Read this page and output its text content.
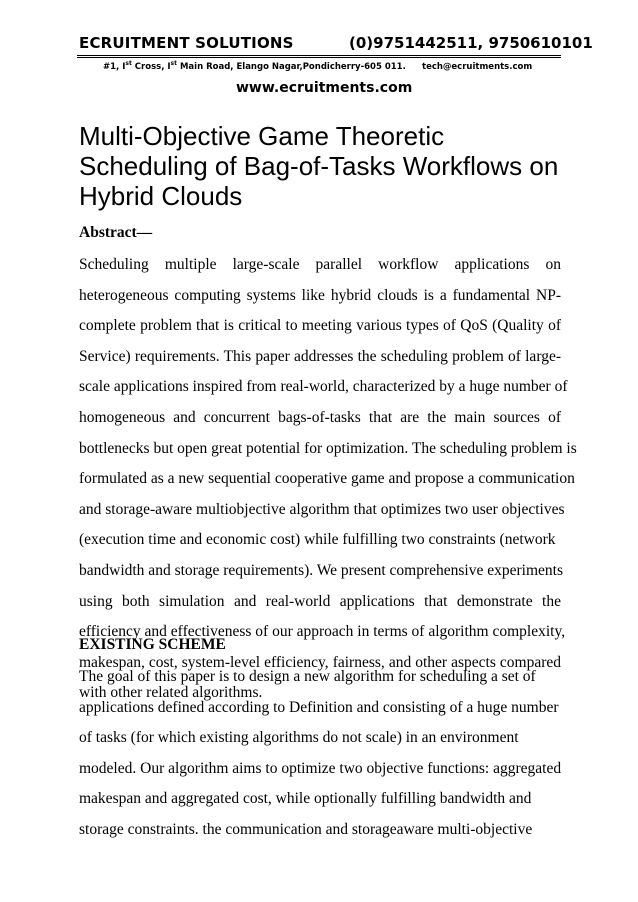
ECRUITMENT SOLUTIONS	(0)9751442511, 9750610101
#1, Ist Cross, Ist Main Road, Elango Nagar,Pondicherry-605 011. tech@ecruitments.com
www.ecruitments.com
Multi-Objective Game Theoretic
Scheduling of Bag-of-Tasks Workflows on
Hybrid Clouds
Abstract—
Scheduling multiple large-scale parallel workflow applications on
heterogeneous computing systems like hybrid clouds is a fundamental NP-
complete problem that is critical to meeting various types of QoS (Quality of
Service) requirements. This paper addresses the scheduling problem of large-
scale applications inspired from real-world, characterized by a huge number of
homogeneous and concurrent bags-of-tasks that are the main sources of
bottlenecks but open great potential for optimization. The scheduling problem is
formulated as a new sequential cooperative game and propose a communication
and storage-aware multiobjective algorithm that optimizes two user objectives
(execution time and economic cost) while fulfilling two constraints (network
bandwidth and storage requirements). We present comprehensive experiments
using both simulation and real-world applications that demonstrate the
efficiency and effectiveness of our approach in terms of algorithm complexity,
makespan, cost, system-level efficiency, fairness, and other aspects compared
with other related algorithms.
EXISTING SCHEME
The goal of this paper is to design a new algorithm for scheduling a set of
applications defined according to Definition and consisting of a huge number
of tasks (for which existing algorithms do not scale) in an environment
modeled. Our algorithm aims to optimize two objective functions: aggregated
makespan and aggregated cost, while optionally fulfilling bandwidth and
storage constraints. the communication and storageaware multi-objective
